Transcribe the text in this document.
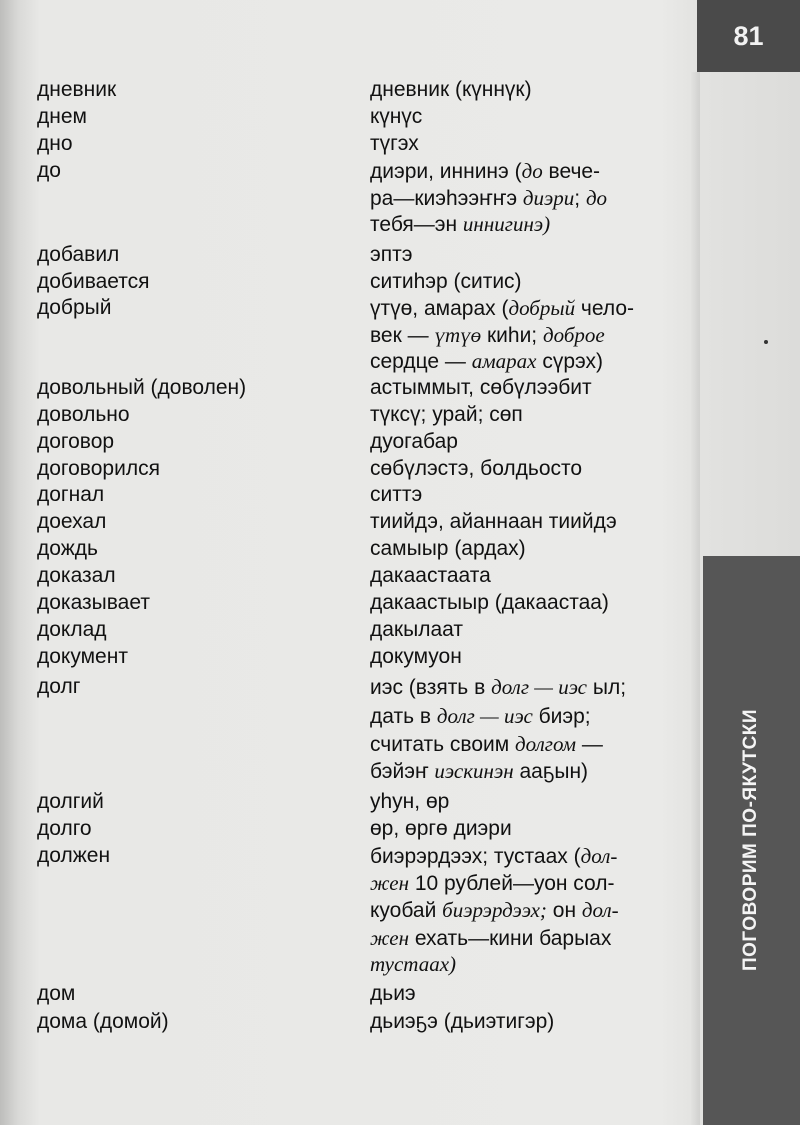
81
ПОГОВОРИМ ПО-ЯКУТСКИ
дневник	дневник (күннүк)
днем	күнүс
дно	түгэх
до	диэри, иннинэ (до вече-
ра—киэһээҥҥэ диэри; до
тебя—эн иннигинэ)
добавил	эптэ
добивается	ситиһэр (ситис)
добрый	үтүө, амарах (добрый чело-
век — үтүө киһи; доброе
сердце — амарах сүрэх)
довольный (доволен)	астыммыт, сөбүлээбит
довольно	түксү; урай; сөп
договор	дуогабар
договорился	сөбүлэстэ, болдьосто
догнал	ситтэ
доехал	тиийдэ, айаннаан тиийдэ
дождь	самыыр (ардах)
доказал	дакаастаата
доказывает	дакаастыыр (дакаастаа)
доклад	дакылаат
документ	докумуон
долг	иэс (взять в долг — иэс ыл;
дать в долг — иэс биэр;
считать своим долгом —
бэйэҥ иэскинэн ааҕын)
долгий	уһун, өр
долго	өр, өргө диэри
должен	биэрэрдээх; тустаах (дол-
жен 10 рублей—уон сол-
куобай биэрэрдээх; он дол-
жен ехать—кини барыах
тустаах)
дом	дьиэ
дома (домой)	дьиэҕэ (дьиэтигэр)
